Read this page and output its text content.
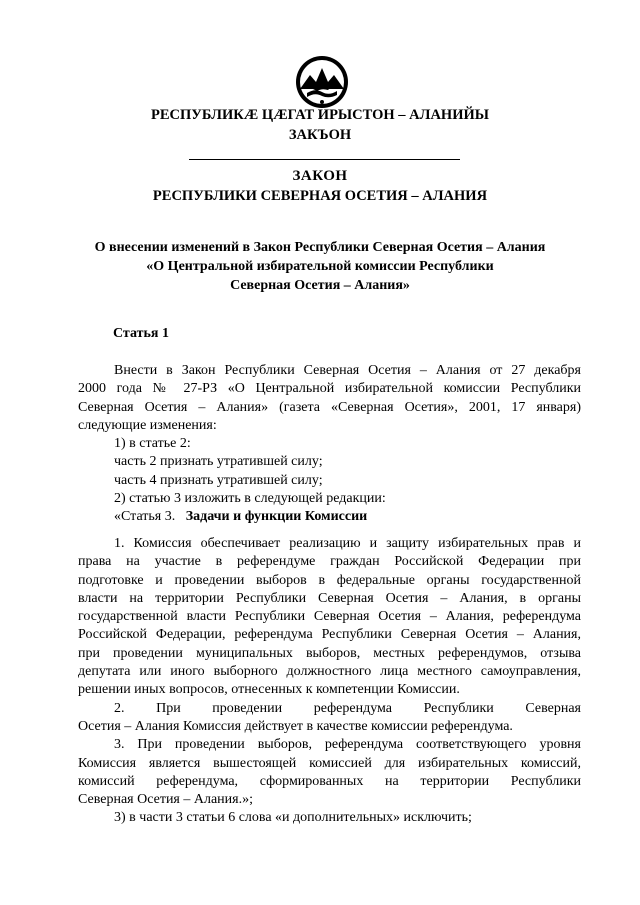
РЕСПУБЛИКӔ ЦӔГАТ ИРЫСТОН – АЛАНИЙЫ
ЗАКЪОН
ЗАКОН
РЕСПУБЛИКИ СЕВЕРНАЯ ОСЕТИЯ – АЛАНИЯ
О внесении изменений в Закон Республики Северная Осетия – Алания
«О Центральной избирательной комиссии Республики
Северная Осетия – Алания»
Статья 1
Внести в Закон Республики Северная Осетия – Алания от 27 декабря
2000 года № 27-РЗ «О Центральной избирательной комиссии Республики
Северная Осетия – Алания» (газета «Северная Осетия», 2001, 17 января)
следующие изменения:
1) в статье 2:
часть 2 признать утратившей силу;
часть 4 признать утратившей силу;
2) статью 3 изложить в следующей редакции:
«Статья 3. Задачи и функции Комиссии
1. Комиссия обеспечивает реализацию и защиту избирательных прав и
права на участие в референдуме граждан Российской Федерации при
подготовке и проведении выборов в федеральные органы государственной
власти на территории Республики Северная Осетия – Алания, в органы
государственной власти Республики Северная Осетия – Алания, референдума
Российской Федерации, референдума Республики Северная Осетия – Алания,
при проведении муниципальных выборов, местных референдумов, отзыва
депутата или иного выборного должностного лица местного самоуправления,
решении иных вопросов, отнесенных к компетенции Комиссии.
2. При проведении референдума Республики Северная
Осетия – Алания Комиссия действует в качестве комиссии референдума.
3. При проведении выборов, референдума соответствующего уровня
Комиссия является вышестоящей комиссией для избирательных комиссий,
комиссий референдума, сформированных на территории Республики
Северная Осетия – Алания.»;
3) в части 3 статьи 6 слова «и дополнительных» исключить;
